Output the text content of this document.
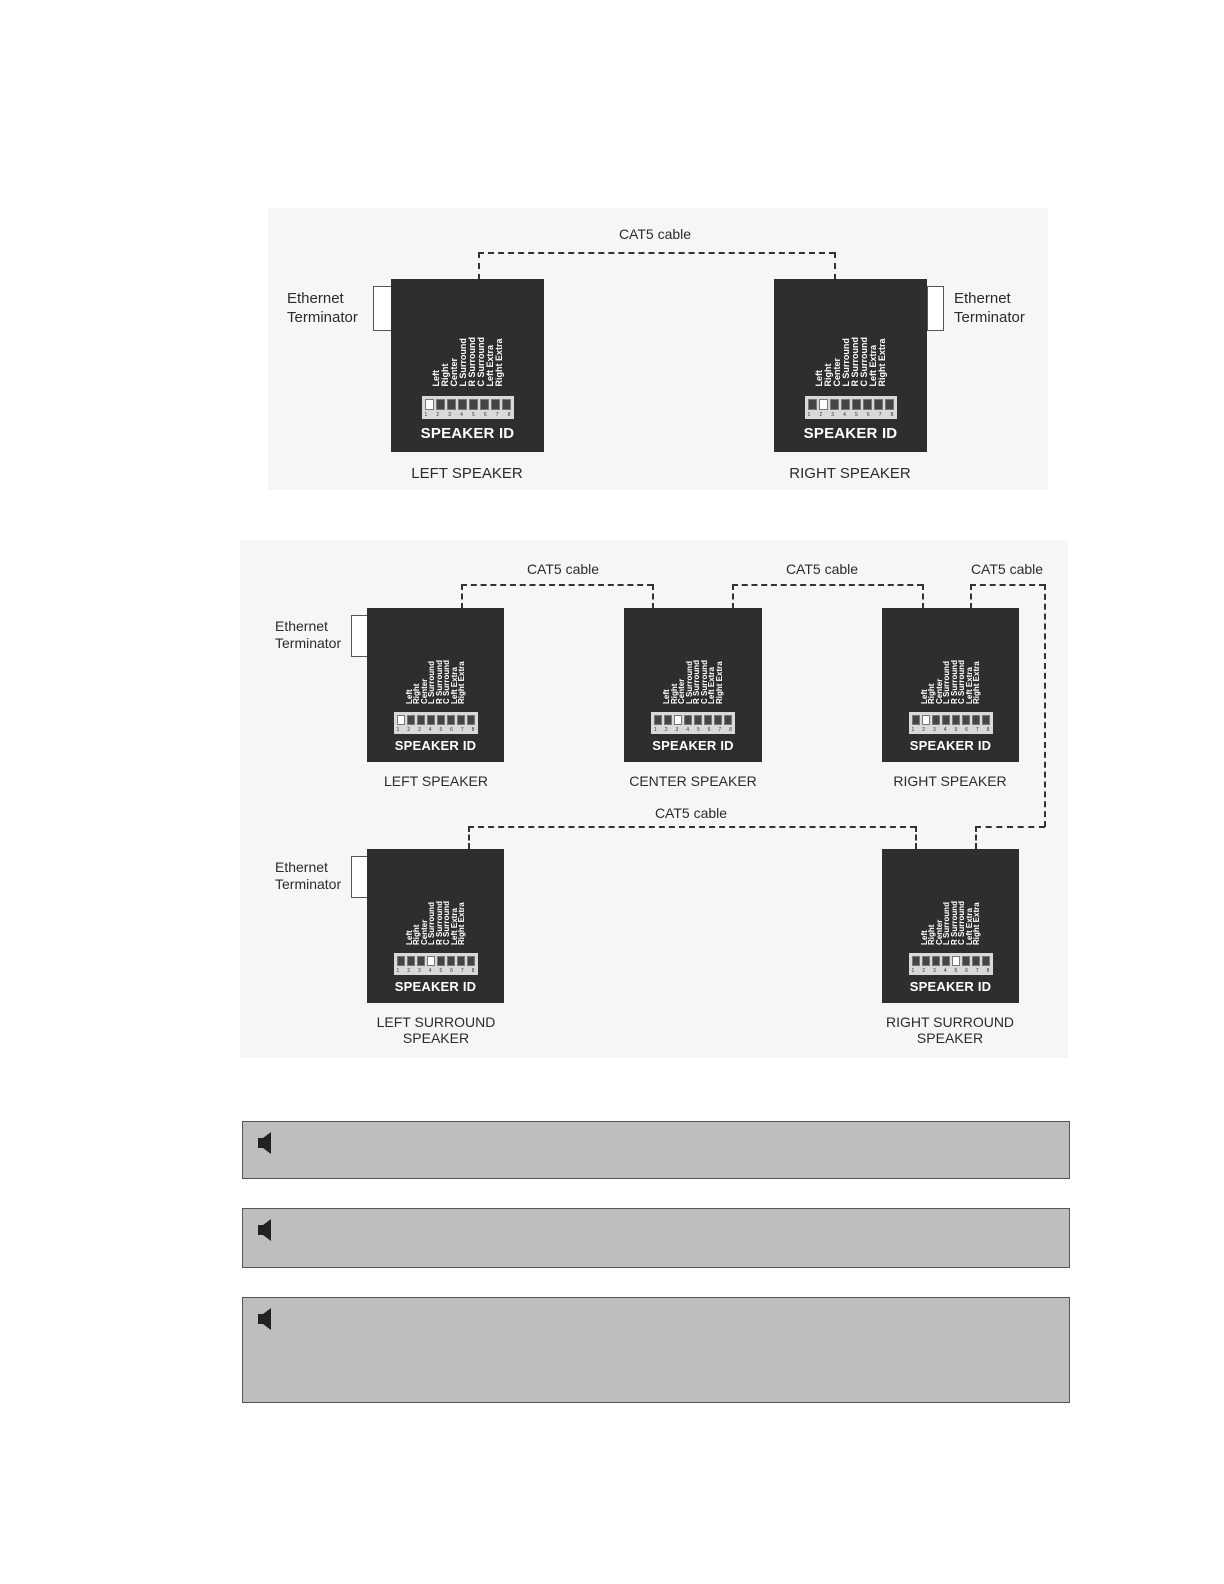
CAT5 cable
Ethernet
Terminator
Left Right Center L Surround R Surround C Surround Left Extra Right Extra
1 2 3 4 5 6 7 8
SPEAKER ID
LEFT SPEAKER
Ethernet
Terminator
Left Right Center L Surround R Surround C Surround Left Extra Right Extra
1 2 3 4 5 6 7 8
SPEAKER ID
RIGHT SPEAKER
CAT5 cable	CAT5 cable	CAT5 cable
CAT5 cable
Ethernet
Terminator
Ethernet
Terminator
Left
Right
Center
L Surround
R Surround
C Surround
Left Extra
Right Extra
1 2 3 4 5 6 7 8
SPEAKER ID
LEFT SPEAKER
Left
Right
Center
L Surround
R Surround
C Surround
Left Extra
Right Extra
1 2 3 4 5 6 7 8
SPEAKER ID
CENTER SPEAKER
Left
Right
Center
L Surround
R Surround
C Surround
Left Extra
Right Extra
1 2 3 4 5 6 7 8
SPEAKER ID
RIGHT SPEAKER
Left
Right
Center
L Surround
R Surround
C Surround
Left Extra
Right Extra
1 2 3 4 5 6 7 8
SPEAKER ID
LEFT SURROUND
SPEAKER
Left
Right
Center
L Surround
R Surround
C Surround
Left Extra
Right Extra
1 2 3 4 5 6 7 8
SPEAKER ID
RIGHT SURROUND
SPEAKER
